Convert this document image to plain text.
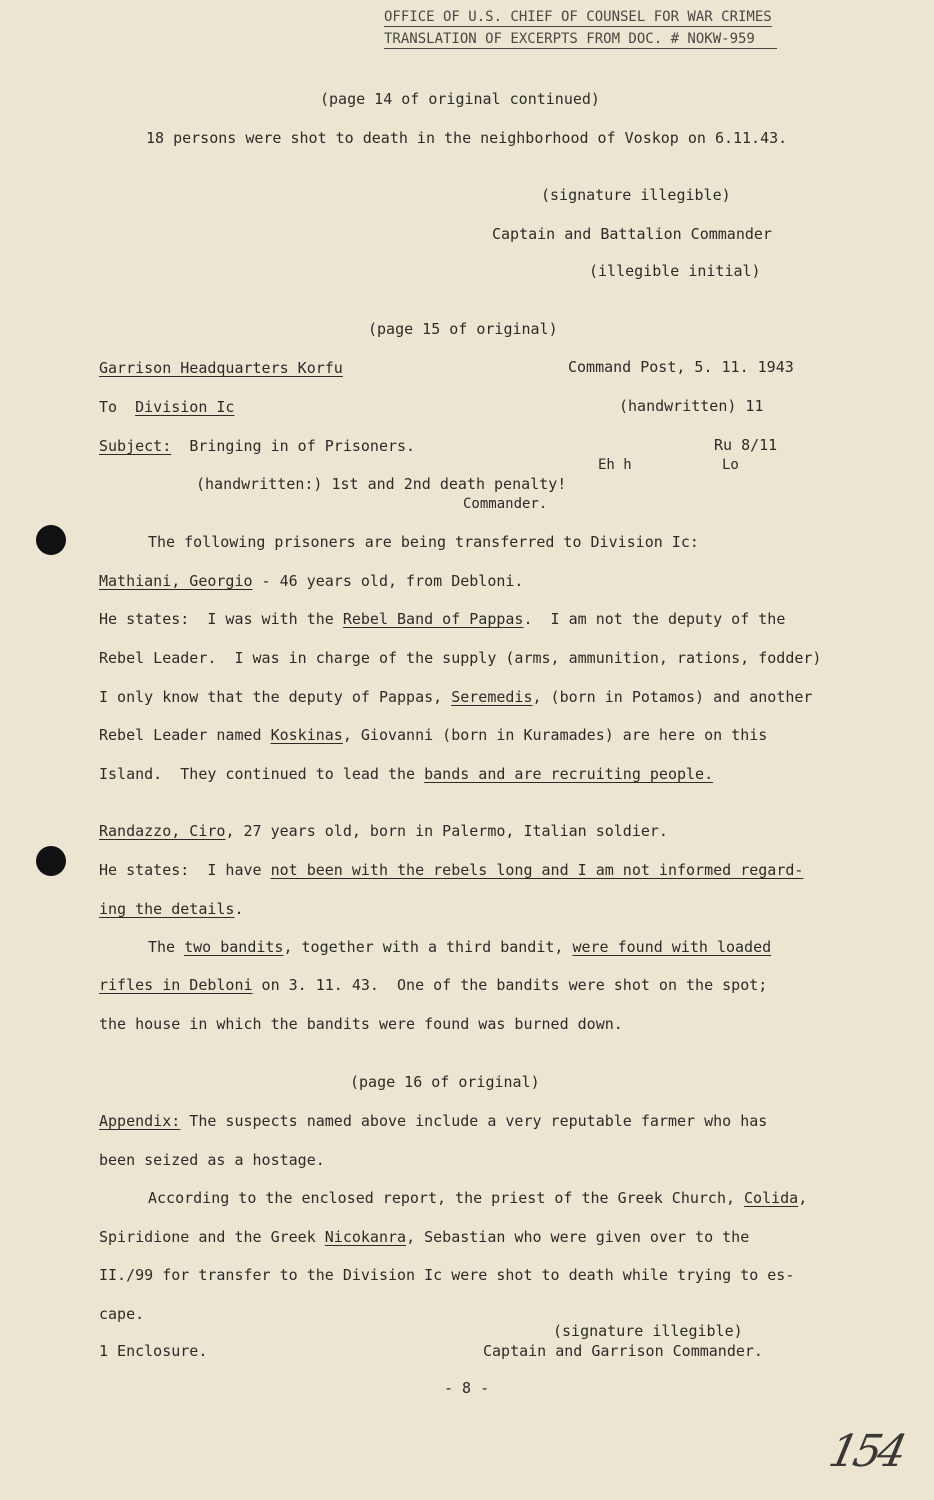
OFFICE OF U.S. CHIEF OF COUNSEL FOR WAR CRIMES
TRANSLATION OF EXCERPTS FROM DOC. # NOKW-959
(page 14 of original continued)
18 persons were shot to death in the neighborhood of Voskop on 6.11.43.
(signature illegible)
Captain and Battalion Commander
(illegible initial)
(page 15 of original)
Garrison Headquarters Korfu	Command Post, 5. 11. 1943
To Division Ic	(handwritten) 11
Subject: Bringing in of Prisoners.	Ru 8/11
Eh h	Lo
(handwritten:) 1st and 2nd death penalty!
Commander.
The following prisoners are being transferred to Division Ic:
Mathiani, Georgio - 46 years old, from Debloni.
He states:  I was with the Rebel Band of Pappas.  I am not the deputy of the
Rebel Leader.  I was in charge of the supply (arms, ammunition, rations, fodder)
I only know that the deputy of Pappas, Seremedis, (born in Potamos) and another
Rebel Leader named Koskinas, Giovanni (born in Kuramades) are here on this
Island.  They continued to lead the bands and are recruiting people.
Randazzo, Ciro, 27 years old, born in Palermo, Italian soldier.
He states:  I have not been with the rebels long and I am not informed regard-
ing the details.
The two bandits, together with a third bandit, were found with loaded
rifles in Debloni on 3. 11. 43.  One of the bandits were shot on the spot;
the house in which the bandits were found was burned down.
(page 16 of original)
Appendix: The suspects named above include a very reputable farmer who has
been seized as a hostage.
According to the enclosed report, the priest of the Greek Church, Colida,
Spiridione and the Greek Nicokanra, Sebastian who were given over to the
II./99 for transfer to the Division Ic were shot to death while trying to es-
cape.
(signature illegible)
1 Enclosure.	Captain and Garrison Commander.
- 8 -
154
